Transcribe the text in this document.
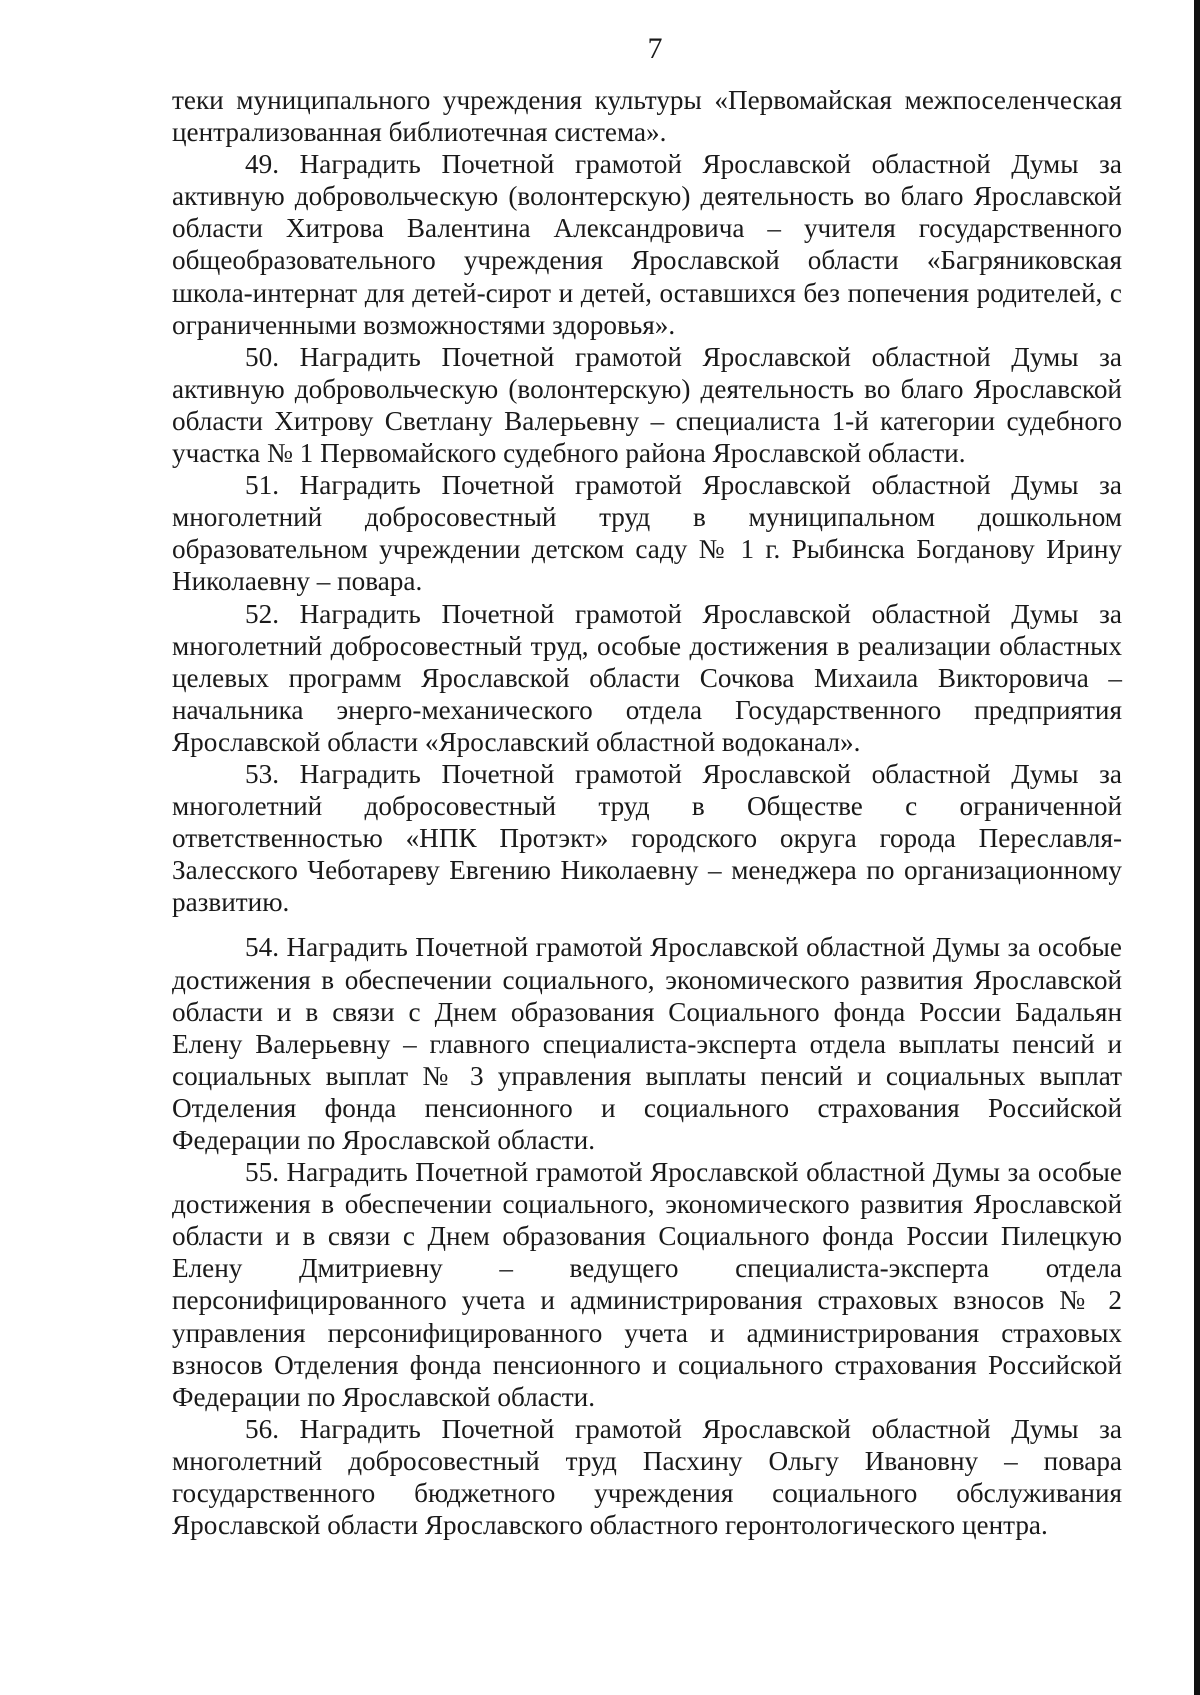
7

теки муниципального учреждения культуры «Первомайская межпоселенческая централизованная библиотечная система».

49. Наградить Почетной грамотой Ярославской областной Думы за активную добровольческую (волонтерскую) деятельность во благо Ярославской области Хитрова Валентина Александровича – учителя государственного общеобразовательного учреждения Ярославской области «Багряниковская школа-интернат для детей-сирот и детей, оставшихся без попечения родителей, с ограниченными возможностями здоровья».

50. Наградить Почетной грамотой Ярославской областной Думы за активную добровольческую (волонтерскую) деятельность во благо Ярославской области Хитрову Светлану Валерьевну – специалиста 1-й категории судебного участка № 1 Первомайского судебного района Ярославской области.

51. Наградить Почетной грамотой Ярославской областной Думы за многолетний добросовестный труд в муниципальном дошкольном образовательном учреждении детском саду № 1 г. Рыбинска Богданову Ирину Николаевну – повара.

52. Наградить Почетной грамотой Ярославской областной Думы за многолетний добросовестный труд, особые достижения в реализации областных целевых программ Ярославской области Сочкова Михаила Викторовича – начальника энерго-механического отдела Государственного предприятия Ярославской области «Ярославский областной водоканал».

53. Наградить Почетной грамотой Ярославской областной Думы за многолетний добросовестный труд в Обществе с ограниченной ответственностью «НПК Протэкт» городского округа города Переславля-Залесского Чеботареву Евгению Николаевну – менеджера по организационному развитию.

54. Наградить Почетной грамотой Ярославской областной Думы за особые достижения в обеспечении социального, экономического развития Ярославской области и в связи с Днем образования Социального фонда России Бадальян Елену Валерьевну – главного специалиста-эксперта отдела выплаты пенсий и социальных выплат № 3 управления выплаты пенсий и социальных выплат Отделения фонда пенсионного и социального страхования Российской Федерации по Ярославской области.

55. Наградить Почетной грамотой Ярославской областной Думы за особые достижения в обеспечении социального, экономического развития Ярославской области и в связи с Днем образования Социального фонда России Пилецкую Елену Дмитриевну – ведущего специалиста-эксперта отдела персонифицированного учета и администрирования страховых взносов № 2 управления персонифицированного учета и администрирования страховых взносов Отделения фонда пенсионного и социального страхования Российской Федерации по Ярославской области.

56. Наградить Почетной грамотой Ярославской областной Думы за многолетний добросовестный труд Пасхину Ольгу Ивановну – повара государственного бюджетного учреждения социального обслуживания Ярославской области Ярославского областного геронтологического центра.
